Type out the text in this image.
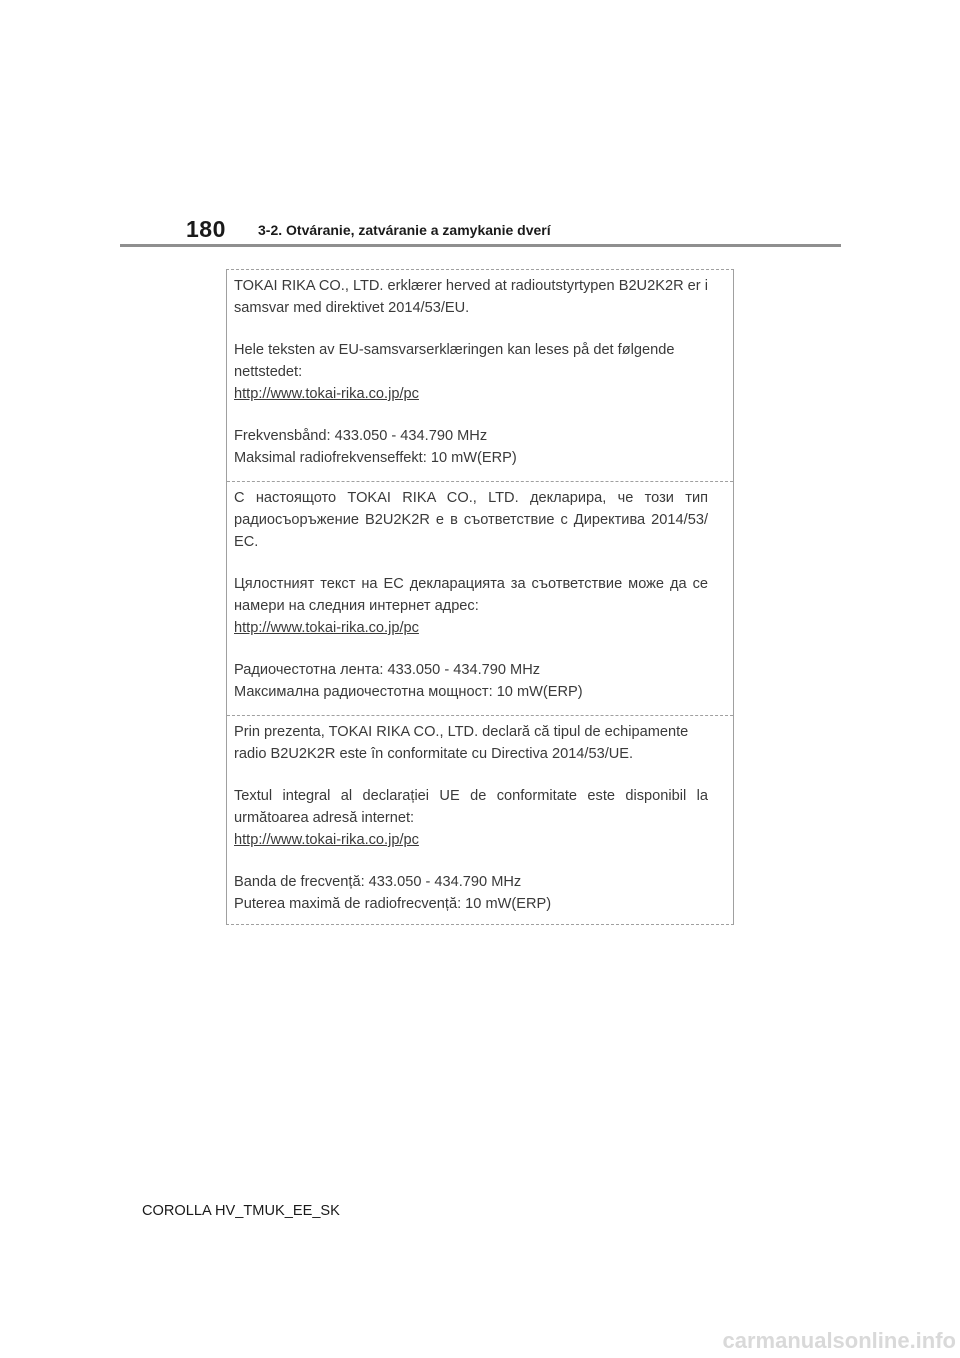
180 3-2. Otváranie, zatváranie a zamykanie dverí

TOKAI RIKA CO., LTD. erklærer herved at radioutstyrtypen B2U2K2R er i samsvar med direktivet 2014/53/EU.

Hele teksten av EU-samsvarserklæringen kan leses på det følgende nettstedet:

http://www.tokai-rika.co.jp/pc

Frekvensbånd: 433.050 - 434.790 MHz

Maksimal radiofrekvenseffekt: 10 mW(ERP)

С настоящото TOKAI RIKA CO., LTD. декларира, че този тип радиосъоръжение B2U2K2R е в съответствие с Директива 2014/53/ЕС.

Цялостният текст на ЕС декларацията за съответствие може да се намери на следния интернет адрес:

http://www.tokai-rika.co.jp/pc

Радиочестотна лента: 433.050 - 434.790 MHz

Максимална радиочестотна мощност: 10 mW(ERP)

Prin prezenta, TOKAI RIKA CO., LTD. declară că tipul de echipamente radio B2U2K2R este în conformitate cu Directiva 2014/53/UE.

Textul integral al declarației UE de conformitate este disponibil la următoarea adresă internet:

http://www.tokai-rika.co.jp/pc

Banda de frecvență: 433.050 - 434.790 MHz

Puterea maximă de radiofrecvență: 10 mW(ERP)

COROLLA HV_TMUK_EE_SK
carmanualsonline.info
